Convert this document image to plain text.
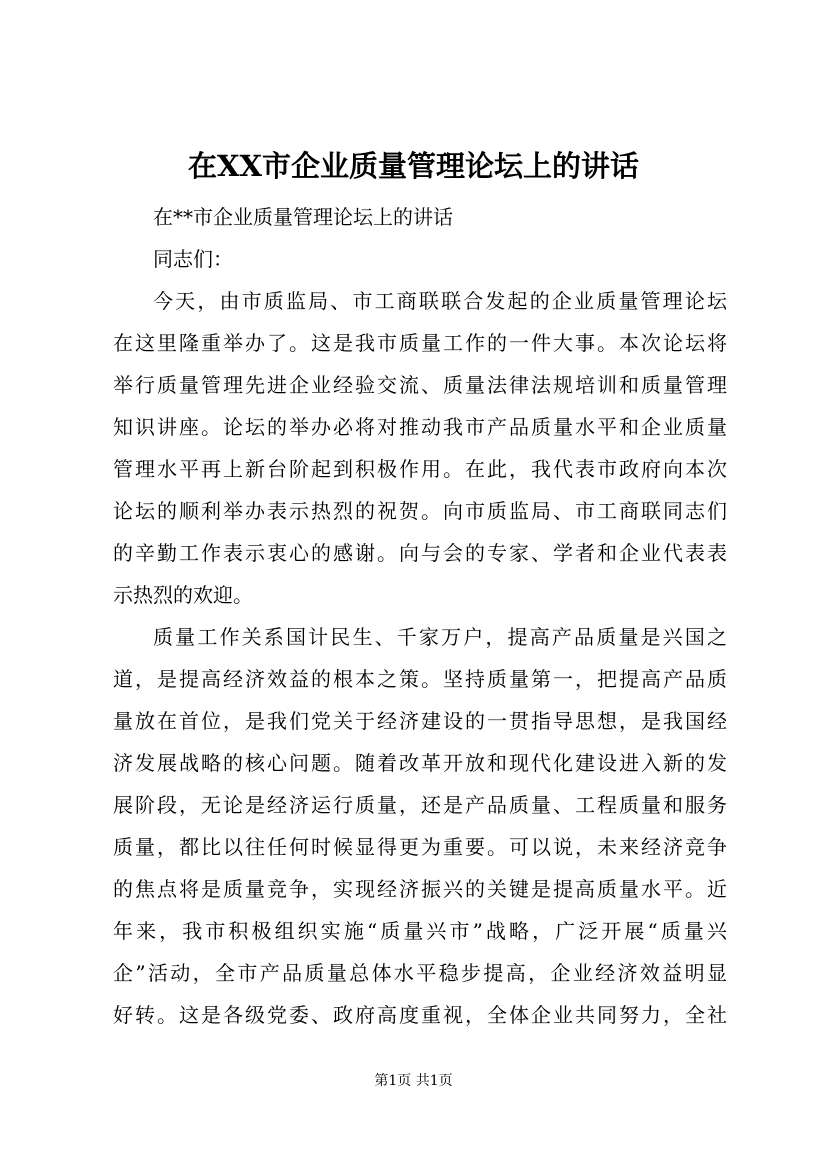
在XX市企业质量管理论坛上的讲话
在**市企业质量管理论坛上的讲话
同志们：
今天，由市质监局、市工商联联合发起的企业质量管理论坛
在这里隆重举办了。这是我市质量工作的一件大事。本次论坛将
举行质量管理先进企业经验交流、质量法律法规培训和质量管理
知识讲座。论坛的举办必将对推动我市产品质量水平和企业质量
管理水平再上新台阶起到积极作用。在此，我代表市政府向本次
论坛的顺利举办表示热烈的祝贺。向市质监局、市工商联同志们
的辛勤工作表示衷心的感谢。向与会的专家、学者和企业代表表
示热烈的欢迎。
质量工作关系国计民生、千家万户，提高产品质量是兴国之
道，是提高经济效益的根本之策。坚持质量第一，把提高产品质
量放在首位，是我们党关于经济建设的一贯指导思想，是我国经
济发展战略的核心问题。随着改革开放和现代化建设进入新的发
展阶段，无论是经济运行质量，还是产品质量、工程质量和服务
质量，都比以往任何时候显得更为重要。可以说，未来经济竞争
的焦点将是质量竞争，实现经济振兴的关键是提高质量水平。近
年来，我市积极组织实施“质量兴市”战略，广泛开展“质量兴
企”活动，全市产品质量总体水平稳步提高，企业经济效益明显
好转。这是各级党委、政府高度重视，全体企业共同努力，全社
第1页 共1页
